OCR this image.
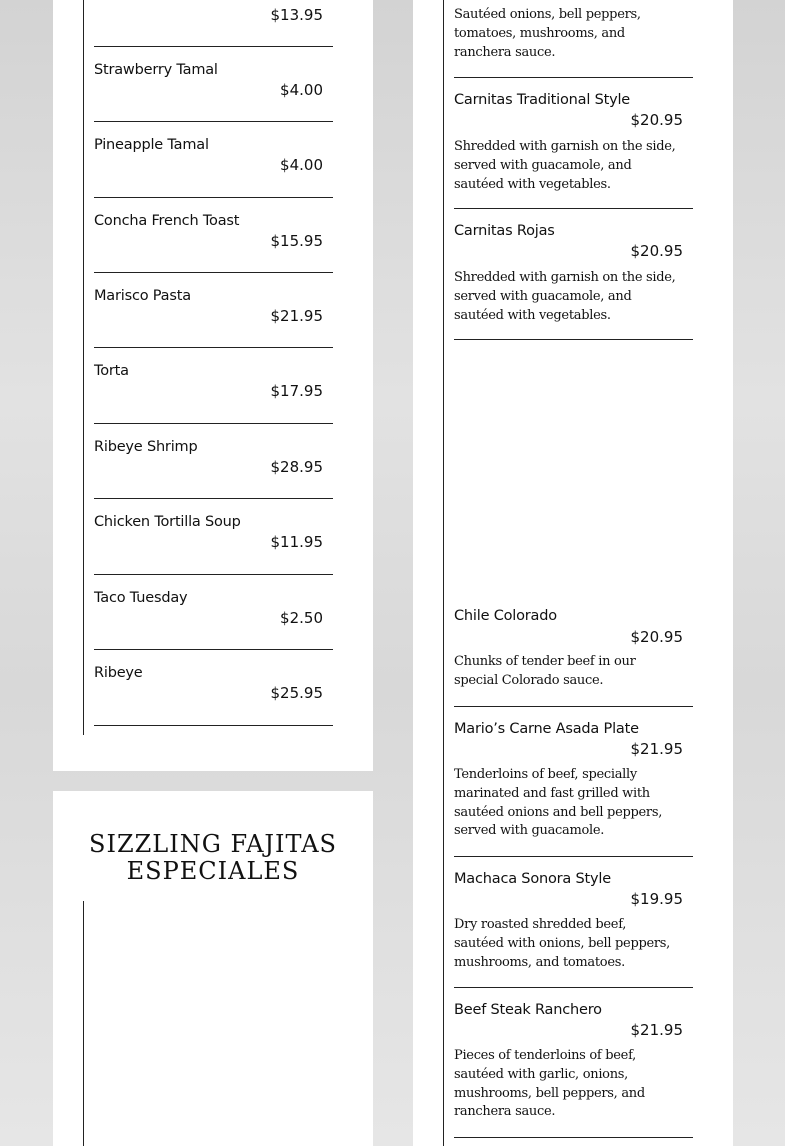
$13.95
Strawberry Tamal
$4.00
Pineapple Tamal
$4.00
Concha French Toast
$15.95
Marisco Pasta
$21.95
Torta
$17.95
Ribeye Shrimp
$28.95
Chicken Tortilla Soup
$11.95
Taco Tuesday
$2.50
Ribeye
$25.95
SIZZLING FAJITAS
ESPECIALES
Sautéed onions, bell peppers, tomatoes, mushrooms, and ranchera sauce.
Carnitas Traditional Style
$20.95
Shredded with garnish on the side, served with guacamole, and sautéed with vegetables.
Carnitas Rojas
$20.95
Shredded with garnish on the side, served with guacamole, and sautéed with vegetables.
Chile Colorado
$20.95
Chunks of tender beef in our special Colorado sauce.
Mario’s Carne Asada Plate
$21.95
Tenderloins of beef, specially marinated and fast grilled with sautéed onions and bell peppers, served with guacamole.
Machaca Sonora Style
$19.95
Dry roasted shredded beef, sautéed with onions, bell peppers, mushrooms, and tomatoes.
Beef Steak Ranchero
$21.95
Pieces of tenderloins of beef, sautéed with garlic, onions, mushrooms, bell peppers, and ranchera sauce.
